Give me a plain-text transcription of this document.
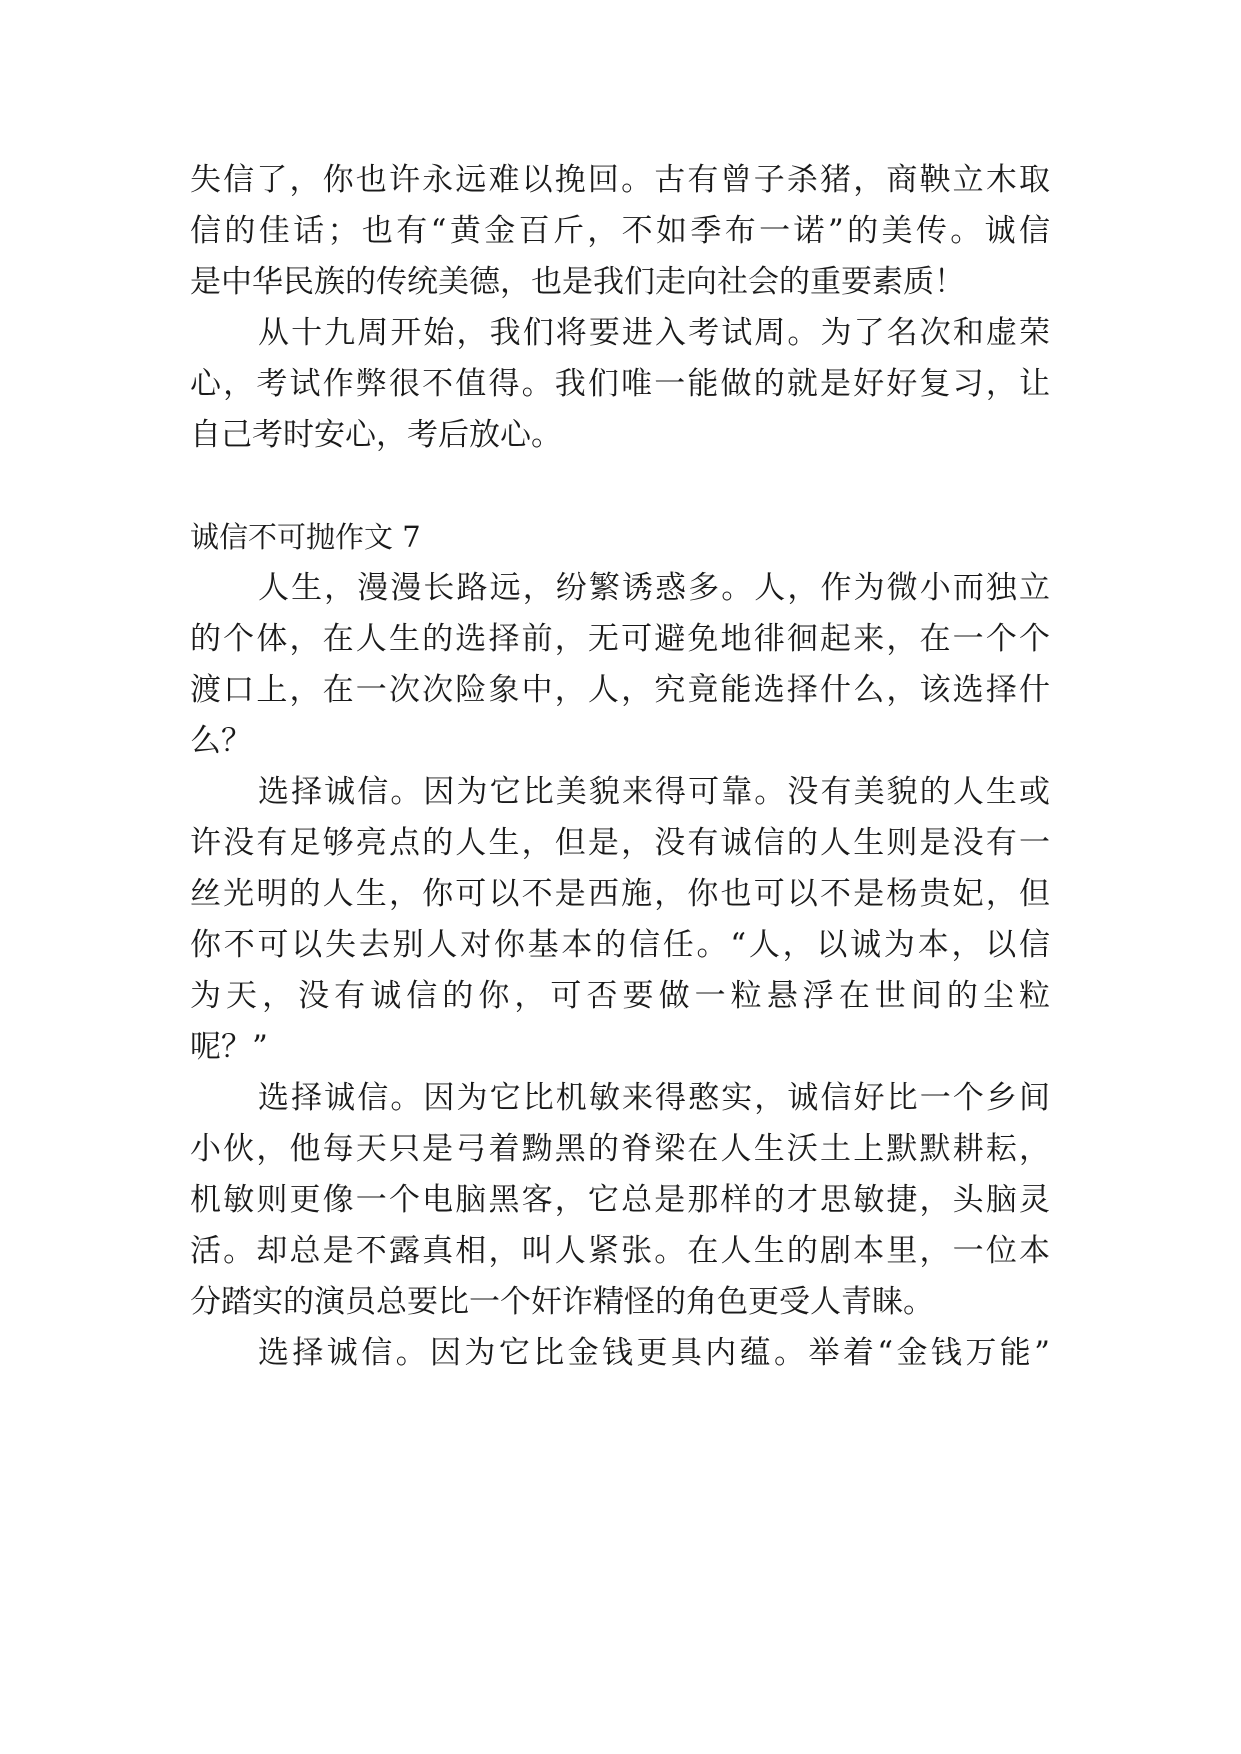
失信了，你也许永远难以挽回。古有曾子杀猪，商鞅立木取
信的佳话；也有“黄金百斤，不如季布一诺”的美传。诚信
是中华民族的传统美德，也是我们走向社会的重要素质！
从十九周开始，我们将要进入考试周。为了名次和虚荣
心，考试作弊很不值得。我们唯一能做的就是好好复习，让
自己考时安心，考后放心。
诚信不可抛作文 7
人生，漫漫长路远，纷繁诱惑多。人，作为微小而独立
的个体，在人生的选择前，无可避免地徘徊起来，在一个个
渡口上，在一次次险象中，人，究竟能选择什么，该选择什
么？
选择诚信。因为它比美貌来得可靠。没有美貌的人生或
许没有足够亮点的人生，但是，没有诚信的人生则是没有一
丝光明的人生，你可以不是西施，你也可以不是杨贵妃，但
你不可以失去别人对你基本的信任。“人，以诚为本，以信
为天，没有诚信的你，可否要做一粒悬浮在世间的尘粒
呢？”
选择诚信。因为它比机敏来得憨实，诚信好比一个乡间
小伙，他每天只是弓着黝黑的脊梁在人生沃土上默默耕耘，
机敏则更像一个电脑黑客，它总是那样的才思敏捷，头脑灵
活。却总是不露真相，叫人紧张。在人生的剧本里，一位本
分踏实的演员总要比一个奸诈精怪的角色更受人青睐。
选择诚信。因为它比金钱更具内蕴。举着“金钱万能”
